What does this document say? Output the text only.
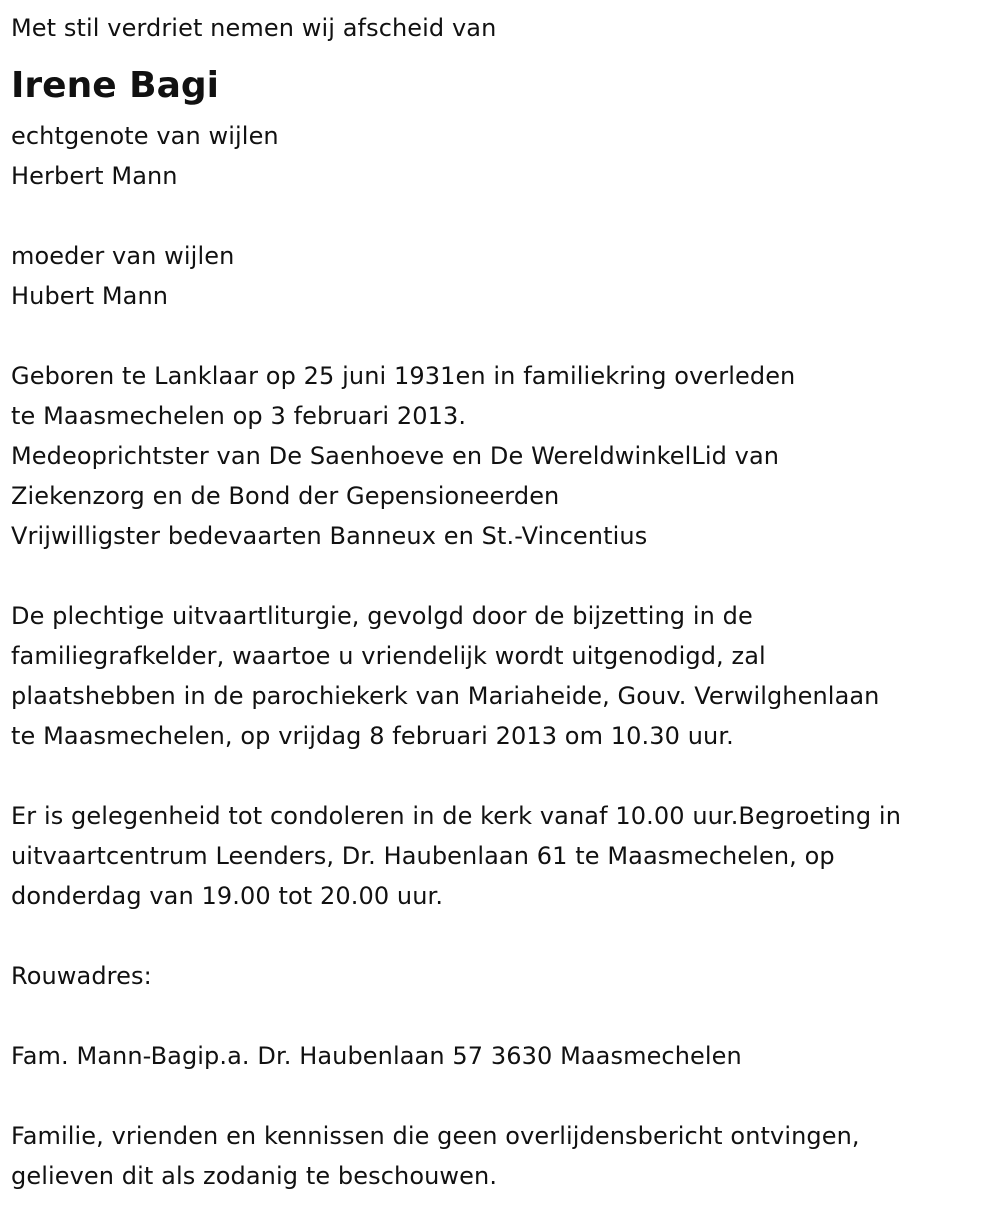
Met stil verdriet nemen wij afscheid van
Irene Bagi
echtgenote van wijlen
Herbert Mann
moeder van wijlen
Hubert Mann
Geboren te Lanklaar op 25 juni 1931en in familiekring overleden
te Maasmechelen op 3 februari 2013.
Medeoprichtster van De Saenhoeve en De WereldwinkelLid van
Ziekenzorg en de Bond der Gepensioneerden
Vrijwilligster bedevaarten Banneux en St.-Vincentius
De plechtige uitvaartliturgie, gevolgd door de bijzetting in de
familiegrafkelder, waartoe u vriendelijk wordt uitgenodigd, zal
plaatshebben in de parochiekerk van Mariaheide, Gouv. Verwilghenlaan
te Maasmechelen, op vrijdag 8 februari 2013 om 10.30 uur.
Er is gelegenheid tot condoleren in de kerk vanaf 10.00 uur.Begroeting in
uitvaartcentrum Leenders, Dr. Haubenlaan 61 te Maasmechelen, op
donderdag van 19.00 tot 20.00 uur.
Rouwadres:
Fam. Mann-Bagip.a. Dr. Haubenlaan 57 3630 Maasmechelen
Familie, vrienden en kennissen die geen overlijdensbericht ontvingen,
gelieven dit als zodanig te beschouwen.
